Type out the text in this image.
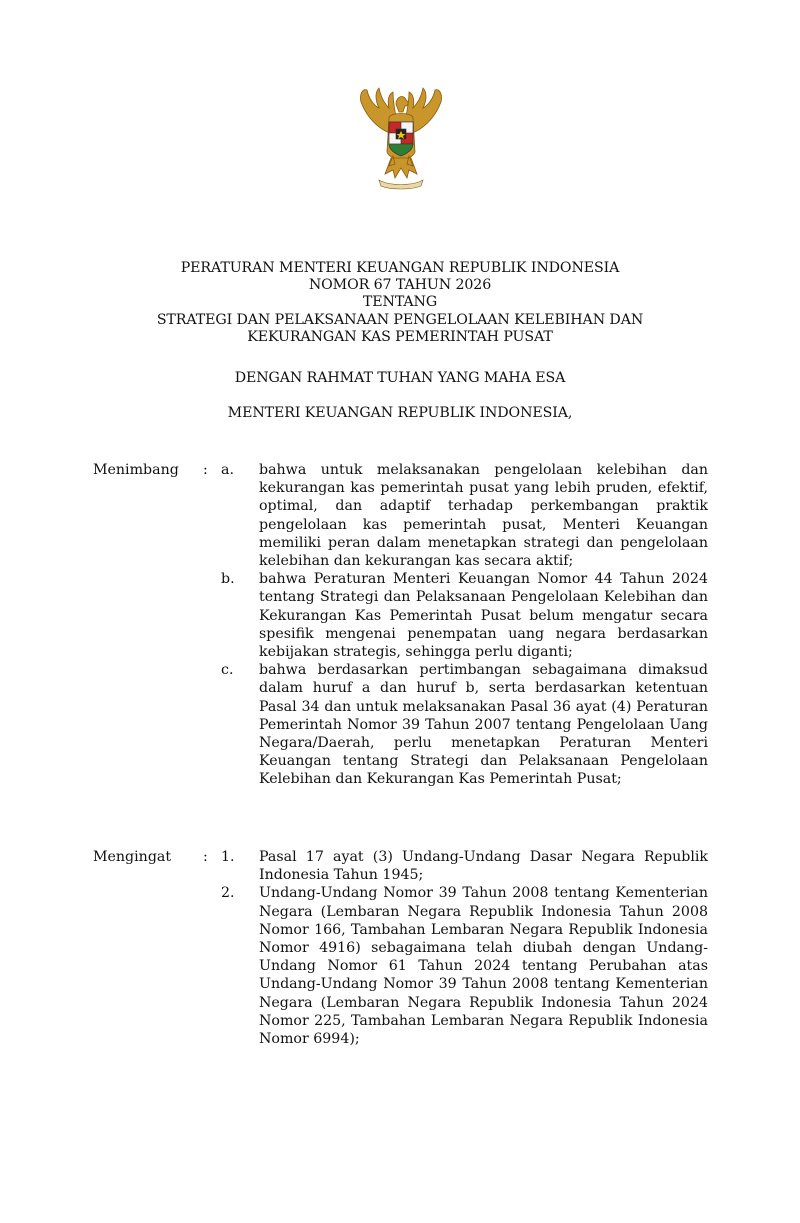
PERATURAN MENTERI KEUANGAN REPUBLIK INDONESIA
NOMOR 67 TAHUN 2026
TENTANG
STRATEGI DAN PELAKSANAAN PENGELOLAAN KELEBIHAN DAN
KEKURANGAN KAS PEMERINTAH PUSAT
DENGAN RAHMAT TUHAN YANG MAHA ESA
MENTERI KEUANGAN REPUBLIK INDONESIA,
Menimbang : a. bahwa untuk melaksanakan pengelolaan kelebihan dan kekurangan kas pemerintah pusat yang lebih pruden, efektif, optimal, dan adaptif terhadap perkembangan praktik pengelolaan kas pemerintah pusat, Menteri Keuangan memiliki peran dalam menetapkan strategi dan pengelolaan kelebihan dan kekurangan kas secara aktif;
b. bahwa Peraturan Menteri Keuangan Nomor 44 Tahun 2024 tentang Strategi dan Pelaksanaan Pengelolaan Kelebihan dan Kekurangan Kas Pemerintah Pusat belum mengatur secara spesifik mengenai penempatan uang negara berdasarkan kebijakan strategis, sehingga perlu diganti;
c. bahwa berdasarkan pertimbangan sebagaimana dimaksud dalam huruf a dan huruf b, serta berdasarkan ketentuan Pasal 34 dan untuk melaksanakan Pasal 36 ayat (4) Peraturan Pemerintah Nomor 39 Tahun 2007 tentang Pengelolaan Uang Negara/Daerah, perlu menetapkan Peraturan Menteri Keuangan tentang Strategi dan Pelaksanaan Pengelolaan Kelebihan dan Kekurangan Kas Pemerintah Pusat;
Mengingat : 1. Pasal 17 ayat (3) Undang-Undang Dasar Negara Republik Indonesia Tahun 1945;
2. Undang-Undang Nomor 39 Tahun 2008 tentang Kementerian Negara (Lembaran Negara Republik Indonesia Tahun 2008 Nomor 166, Tambahan Lembaran Negara Republik Indonesia Nomor 4916) sebagaimana telah diubah dengan Undang-Undang Nomor 61 Tahun 2024 tentang Perubahan atas Undang-Undang Nomor 39 Tahun 2008 tentang Kementerian Negara (Lembaran Negara Republik Indonesia Tahun 2024 Nomor 225, Tambahan Lembaran Negara Republik Indonesia Nomor 6994);
